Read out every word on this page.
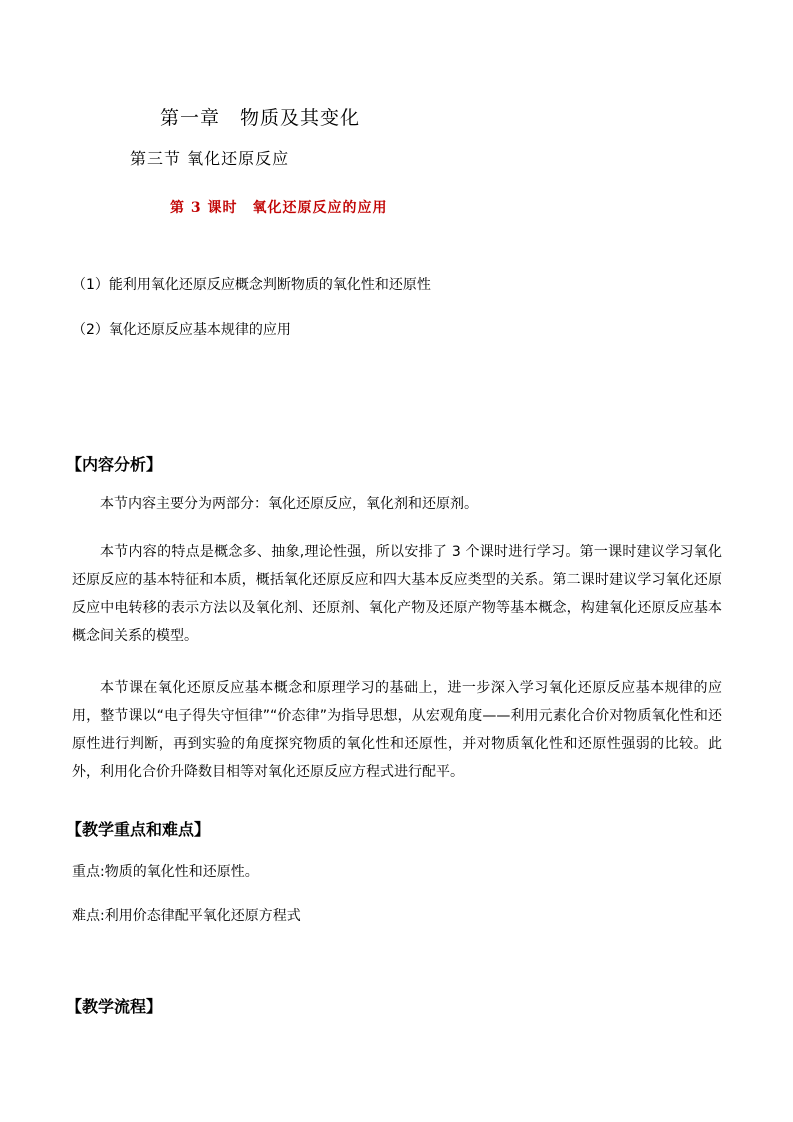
第一章　物质及其变化
第三节 氧化还原反应
第 3 课时　氧化还原反应的应用
（1）能利用氧化还原反应概念判断物质的氧化性和还原性
（2）氧化还原反应基本规律的应用
【内容分析】

本节内容主要分为两部分：氧化还原反应，氧化剂和还原剂。

本节内容的特点是概念多、抽象,理论性强，所以安排了 3 个课时进行学习。第一课时建议学习氧化还原反应的基本特征和本质，概括氧化还原反应和四大基本反应类型的关系。第二课时建议学习氧化还原反应中电转移的表示方法以及氧化剂、还原剂、氧化产物及还原产物等基本概念，构建氧化还原反应基本概念间关系的模型。

本节课在氧化还原反应基本概念和原理学习的基础上，进一步深入学习氧化还原反应基本规律的应用，整节课以“电子得失守恒律”“价态律”为指导思想，从宏观角度——利用元素化合价对物质氧化性和还原性进行判断，再到实验的角度探究物质的氧化性和还原性，并对物质氧化性和还原性强弱的比较。此外，利用化合价升降数目相等对氧化还原反应方程式进行配平。

【教学重点和难点】
重点:物质的氧化性和还原性。
难点:利用价态律配平氧化还原方程式
【教学流程】
